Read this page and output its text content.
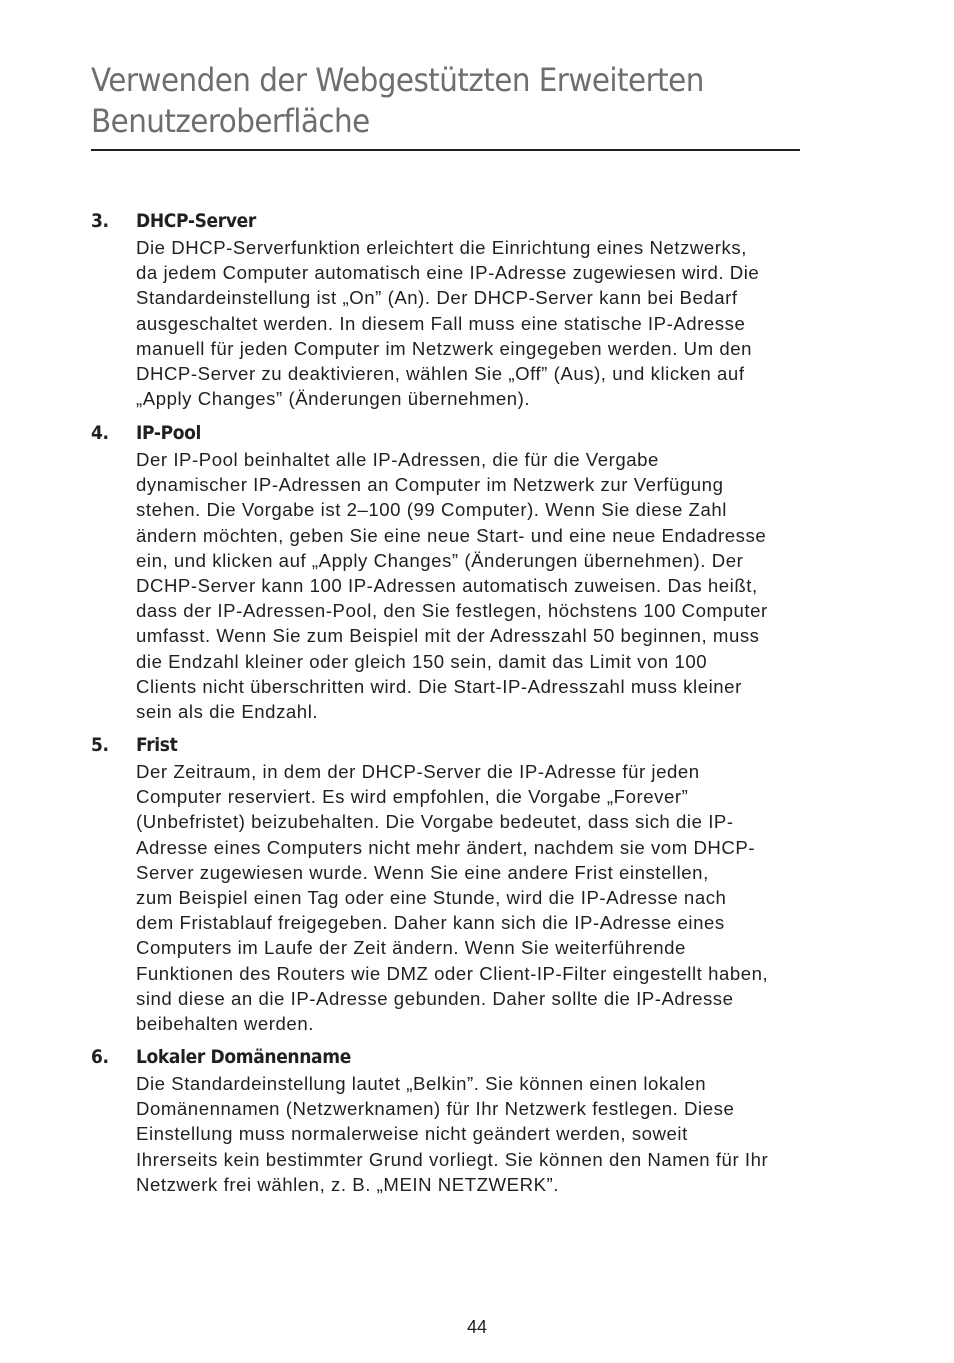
Verwenden der Webgestützten Erweiterten
Benutzeroberfläche
3. DHCP-Server
Die DHCP-Serverfunktion erleichtert die Einrichtung eines Netzwerks,
da jedem Computer automatisch eine IP-Adresse zugewiesen wird. Die
Standardeinstellung ist „On” (An). Der DHCP-Server kann bei Bedarf
ausgeschaltet werden. In diesem Fall muss eine statische IP-Adresse
manuell für jeden Computer im Netzwerk eingegeben werden. Um den
DHCP-Server zu deaktivieren, wählen Sie „Off” (Aus), und klicken auf
„Apply Changes” (Änderungen übernehmen).
4. IP-Pool
Der IP-Pool beinhaltet alle IP-Adressen, die für die Vergabe
dynamischer IP-Adressen an Computer im Netzwerk zur Verfügung
stehen. Die Vorgabe ist 2–100 (99 Computer). Wenn Sie diese Zahl
ändern möchten, geben Sie eine neue Start- und eine neue Endadresse
ein, und klicken auf „Apply Changes” (Änderungen übernehmen). Der
DCHP-Server kann 100 IP-Adressen automatisch zuweisen. Das heißt,
dass der IP-Adressen-Pool, den Sie festlegen, höchstens 100 Computer
umfasst. Wenn Sie zum Beispiel mit der Adresszahl 50 beginnen, muss
die Endzahl kleiner oder gleich 150 sein, damit das Limit von 100
Clients nicht überschritten wird. Die Start-IP-Adresszahl muss kleiner
sein als die Endzahl.
5. Frist
Der Zeitraum, in dem der DHCP-Server die IP-Adresse für jeden
Computer reserviert. Es wird empfohlen, die Vorgabe „Forever”
(Unbefristet) beizubehalten. Die Vorgabe bedeutet, dass sich die IP-
Adresse eines Computers nicht mehr ändert, nachdem sie vom DHCP-
Server zugewiesen wurde. Wenn Sie eine andere Frist einstellen,
zum Beispiel einen Tag oder eine Stunde, wird die IP-Adresse nach
dem Fristablauf freigegeben. Daher kann sich die IP-Adresse eines
Computers im Laufe der Zeit ändern. Wenn Sie weiterführende
Funktionen des Routers wie DMZ oder Client-IP-Filter eingestellt haben,
sind diese an die IP-Adresse gebunden. Daher sollte die IP-Adresse
beibehalten werden.
6. Lokaler Domänenname
Die Standardeinstellung lautet „Belkin”. Sie können einen lokalen
Domänennamen (Netzwerknamen) für Ihr Netzwerk festlegen. Diese
Einstellung muss normalerweise nicht geändert werden, soweit
Ihrerseits kein bestimmter Grund vorliegt. Sie können den Namen für Ihr
Netzwerk frei wählen, z. B. „MEIN NETZWERK”.
44
